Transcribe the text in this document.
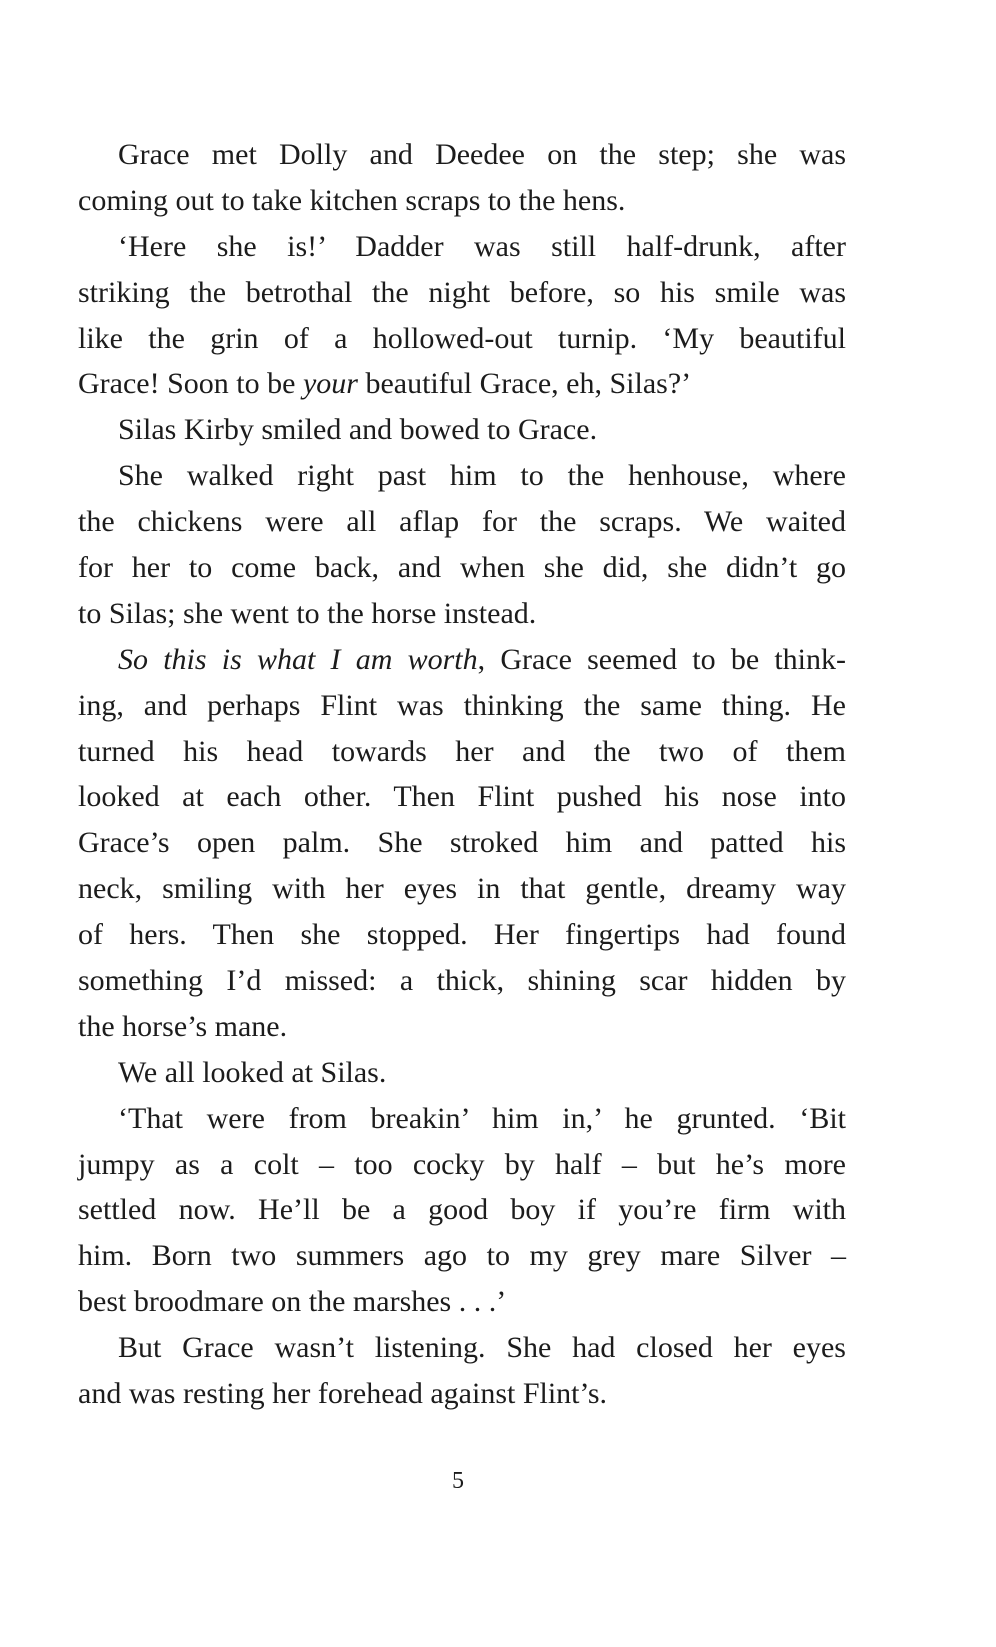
Grace met Dolly and Deedee on the step; she was
coming out to take kitchen scraps to the hens.
‘Here she is!’ Dadder was still half-drunk, after
striking the betrothal the night before, so his smile was
like the grin of a hollowed-out turnip. ‘My beautiful
Grace! Soon to be your beautiful Grace, eh, Silas?’
Silas Kirby smiled and bowed to Grace.
She walked right past him to the henhouse, where
the chickens were all aflap for the scraps. We waited
for her to come back, and when she did, she didn’t go
to Silas; she went to the horse instead.
So this is what I am worth, Grace seemed to be think-
ing, and perhaps Flint was thinking the same thing. He
turned his head towards her and the two of them
looked at each other. Then Flint pushed his nose into
Grace’s open palm. She stroked him and patted his
neck, smiling with her eyes in that gentle, dreamy way
of hers. Then she stopped. Her fingertips had found
something I’d missed: a thick, shining scar hidden by
the horse’s mane.
We all looked at Silas.
‘That were from breakin’ him in,’ he grunted. ‘Bit
jumpy as a colt – too cocky by half – but he’s more
settled now. He’ll be a good boy if you’re firm with
him. Born two summers ago to my grey mare Silver –
best broodmare on the marshes . . .’
But Grace wasn’t listening. She had closed her eyes
and was resting her forehead against Flint’s.
5
